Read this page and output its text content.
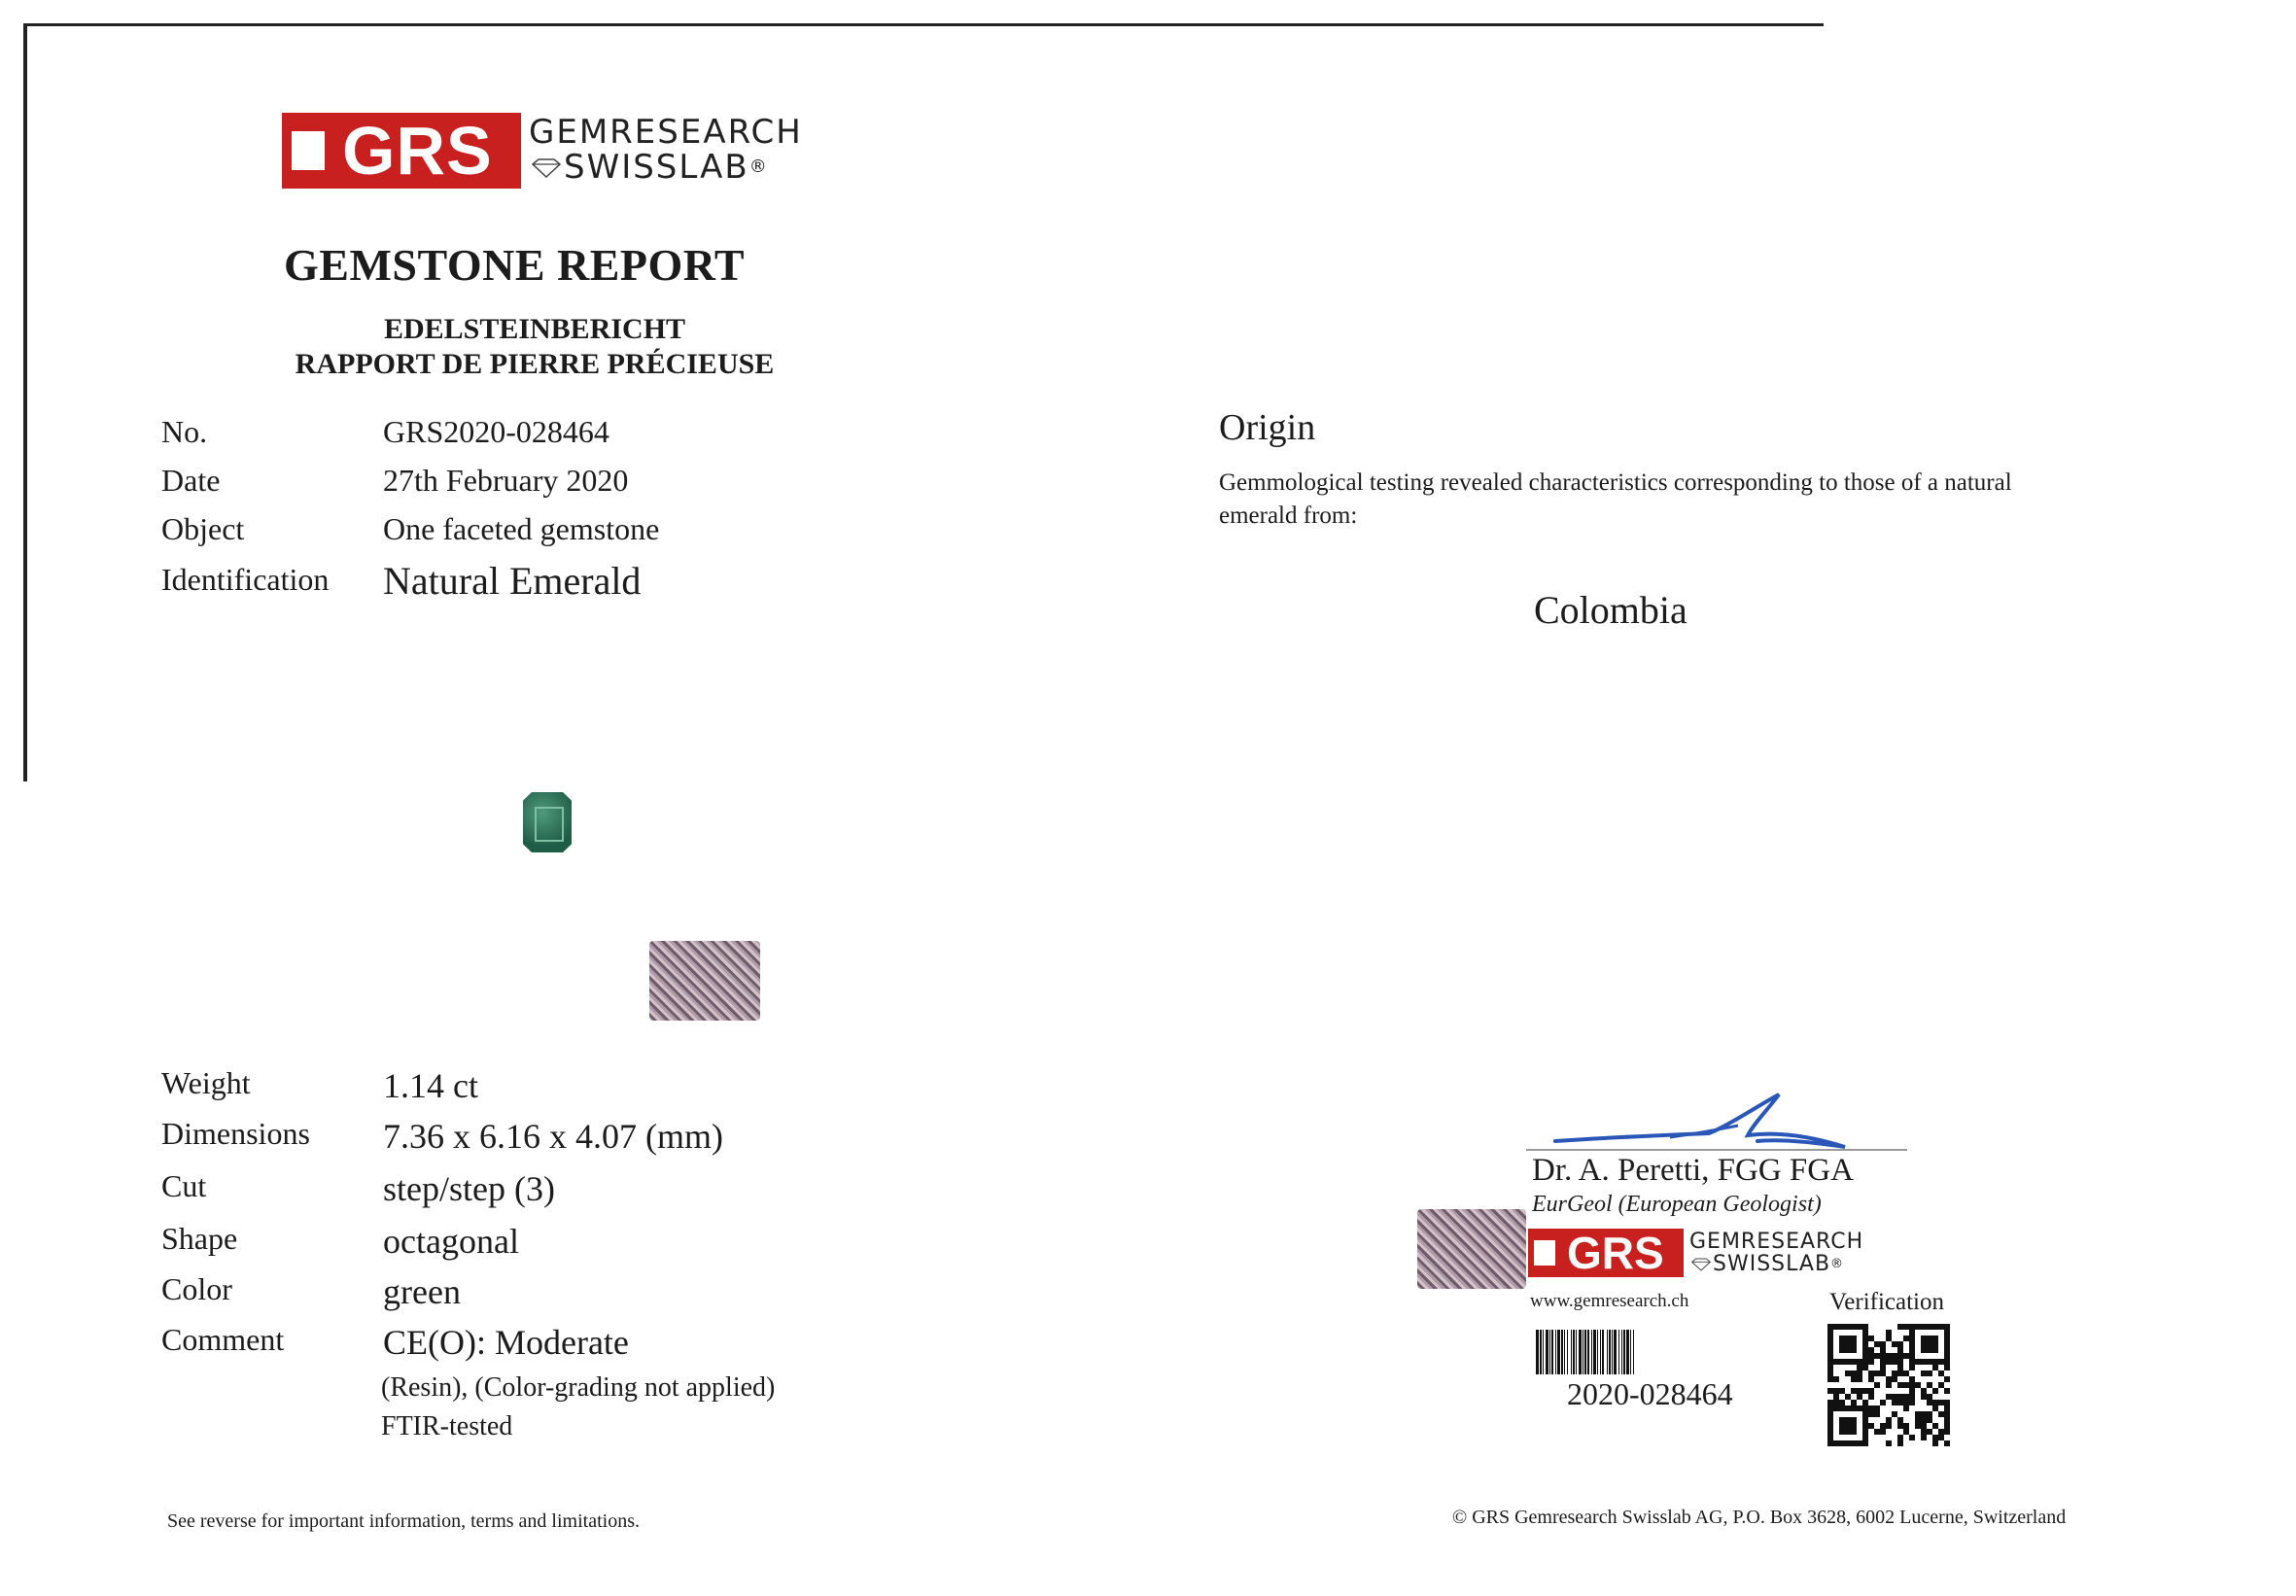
GRS GEMRESEARCH
SWISSLAB ®
GEMSTONE REPORT
EDELSTEINBERICHT
RAPPORT DE PIERRE PRÉCIEUSE
No.	GRS2020-028464
Date	27th February 2020
Object	One faceted gemstone
Identification Natural Emerald
Origin
Gemmological testing revealed characteristics corresponding to those of a natural emerald from:
Colombia
Weight	1.14 ct
Dimensions 7.36 x 6.16 x 4.07 (mm)
Cut	step/step (3)
Shape	octagonal
Color	green
Comment	CE(O): Moderate
(Resin), (Color-grading not applied)
FTIR-tested
Dr. A. Peretti, FGG FGA
EurGeol (European Geologist)
GRS GEMRESEARCH
SWISSLAB ®
www.gemresearch.ch	Verification
2020-028464
See reverse for important information, terms and limitations.	© GRS Gemresearch Swisslab AG, P.O. Box 3628, 6002 Lucerne, Switzerland
